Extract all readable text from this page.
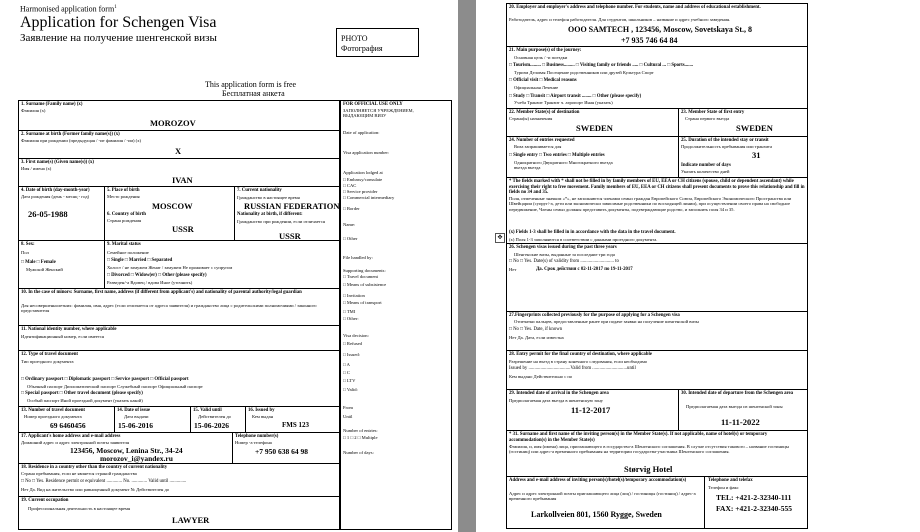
Harmonised application form$^1$
Application for Schengen Visa
Заявление на получение шенгенской визы	PHOTO
Фотография
This application form is free
Бесплатная анкета
FOR OFFICIAL USE ONLY
ЗАПОЛНЯЕТСЯ УЧРЕЖДЕНИЕМ, ВЫДАЮЩИМ ВИЗУ
Date of application:
Visa application number:
Application lodged at
□ Embassy/consulate
□ CAC
□ Service provider
□ Commercial intermediary
□ Border
Name:
□ Other
File handled by:
Supporting documents:
□ Travel document
□ Means of subsistence
□ Invitation
□ Means of transport
□ TMI
□ Other:
Visa decision:
□ Refused
□ Issued:
□ A
□ C
□ LTV
□ Valid:
From
Until
Number of entries:
□ 1 □ 2 □ Multiple
Number of days:
1. Surname (Family name) (x)
Фамилия (x)
MOROZOV
2. Surname at birth (Former family name(s)) (x)
Фамилия при рождении (предыдущая / -ие фамилия / -ии) (x)
X
3. First name(s) (Given name(s)) (x)
Имя / имена (x)
IVAN
4. Date of birth (day-month-year)
Дата рождения (день - месяц - год)
26-05-1988
5. Place of birth
Место рождения
MOSCOW
6. Country of birth
Страна рождения
USSR
7. Current nationality
Гражданство в настоящее время
RUSSIAN FEDERATION
Nationality at birth, if different:
Гражданство при рождении, если отличается
USSR
8. Sex:
Пол
□ Male □ Female
Мужской Женский
9. Marital status
Семейное положение
□ Single □ Married □ Separated
Холост / не замужем Женат / замужем Не проживает с супругом
□ Divorced □ Widow(er) □ Other (please specify)
Разведен/-а Вдовец / вдова Иное (уточнить)
10. In the case of minors: Surname, first name, address (if different from applicant's) and nationality of parental authority/legal guardian
Для несовершеннолетних: фамилия, имя, адрес (если отличается от адреса заявителя) и гражданство лица с родительскими полномочиями / законного представителя
11. National identity number, where applicable
Идентификационный номер, если имеется
12. Type of travel document
Тип проездного документа
□ Ordinary passport □ Diplomatic passport □ Service passport □ Official passport
Обычный паспорт Дипломатический паспорт Служебный паспорт Официальный паспорт
□ Special passport □ Other travel document (please specify)
Особый паспорт Иной проездной документ (указать какой)
13. Number of travel document
Номер проездного документа
69 6460456
14. Date of issue
Дата выдачи
15-06-2016
15. Valid until
Действителен до
15-06-2026
16. Issued by
Кем выдан
FMS 123
17. Applicant's home address and e-mail address
Домашний адрес и адрес электронной почты заявителя
123456, Moscow, Lenina Str., 34-24
morozov_i@yandex.ru
Telephone number(s)
Номер -а телефона
+7 950 638 64 98
18. Residence in a country other than the country of current nationality
Страна пребывания, если не является страной гражданства
□ No □ Yes. Residence permit or equivalent ............. No. ............. Valid until ..............
Нет Да. Вид на жительство или равноценный документ № Действителен до
19. Current occupation
Профессиональная деятельность в настоящее время
LAWYER
20. Employer and employer's address and telephone number. For students, name and address of educational establishment.
Работодатель, адрес и телефон работодателя. Для студентов, школьников – название и адрес учебного заведения.
OOO SAMTECH , 123456, Moscow, Sovetskaya St., 8
+7 935 746 64 84
21. Main purpose(s) of the journey:
Основная цель / -и поездки
□ Tourism......... □ Business......... □ Visiting family or friends ..... □ Cultural ... □ Sports.......
Туризм Деловая Посещение родственников или друзей Культура Спорт
□ Official visit □ Medical reasons
Официальная Лечение
□ Study □ Transit □ Airport transit ........ □ Other (please specify)
Учеба Транзит Транзит ч. аэропорт Иная (указать)
22. Member State(s) of destination
Страна(ы) назначения
SWEDEN
23. Member State of first entry
Страна первого въезда
SWEDEN
24. Number of entries requested
Виза запрашивается для
□ Single entry □ Two entries □ Multiple entries
Однократного Двукратного Многократного въезда въезда въезда
25. Duration of the intended stay or transit
Продолжительность пребывания или транзита
31
Indicate number of days
Указать количество дней
* The fields marked with * shall not be filled in by family members of EU, EEA or CH citizens (spouse, child or dependent ascendant) while exercising their right to free movement. Family members of EU, EEA or CH citizens shall present documents to prove this relationship and fill in fields no 34 and 35.
Поля, отмеченные значком «*», не заполняются членами семьи граждан Европейского Союза, Европейского Экономического Пространства или Швейцарии (супруг/-а, дети или экономически зависимые родственники по восходящей линии), при осуществлении своего права на свободное передвижение, Члены семьи должны представить документы, подтверждающие родство, и заполнить поля 34 и 35.
✥
(x) Fields 1-3 shall be filled in in accordance with the data in the travel document.
(x) Поля 1-3 заполняются в соответствии с данными проездного документа.
26. Schengen visas issued during the past three years
Шенгенские визы, выданные за последние три года
□ No □ Yes. Date(s) of validity from ............................ to
Нет	Да. Срок действия с 02-11-2017 по 19-11-2017
27.Fingerprints collected previously for the purpose of applying for a Schengen visa
Отпечатки пальцев, предоставленные ранее при подаче заявки на получение шенгенской визы
□ No □ Yes. Date, if known
Нет Да. Дата, если известна
28. Entry permit for the final country of destination, where applicable
Разрешение на въезд в страну конечного следования, если необходимо
Issued by ...................................Valid from .............................until
Кем выдано Действительно с по
29. Intended date of arrival in the Schengen area
Предполагаемая дата въезда в шенгенскую зону
11-12-2017
30. Intended date of departure from the Schengen area
Предполагаемая дата выезда из шенгенской зоны
11-11-2022
* 31. Surname and first name of the inviting person(s) in the Member State(s). If not applicable, name of hotel(s) or temporary accommodation(s) in the Member State(s)
Фамилия, и, имя (имена) лица, приглашающего в государство-а Шенгенского соглашения. В случае отсутствия такового – название гостиницы (гостиниц) или адрес-а временного пребывания на территории государства-участника Шенгенского соглашения.
Størvig Hotel
Address and e-mail address of inviting person(s)/hotel(s)/temporary accommodation(s)
Адрес и адрес электронной почты приглашающего лица (лиц) / гостиницы (гостиниц) / адрес-а временного пребывания
Larkollveien 801, 1560 Rygge, Sweden
Telephone and telefax
Телефон и факс
TEL: +421-2-32340-111
FAX: +421-2-32340-555
